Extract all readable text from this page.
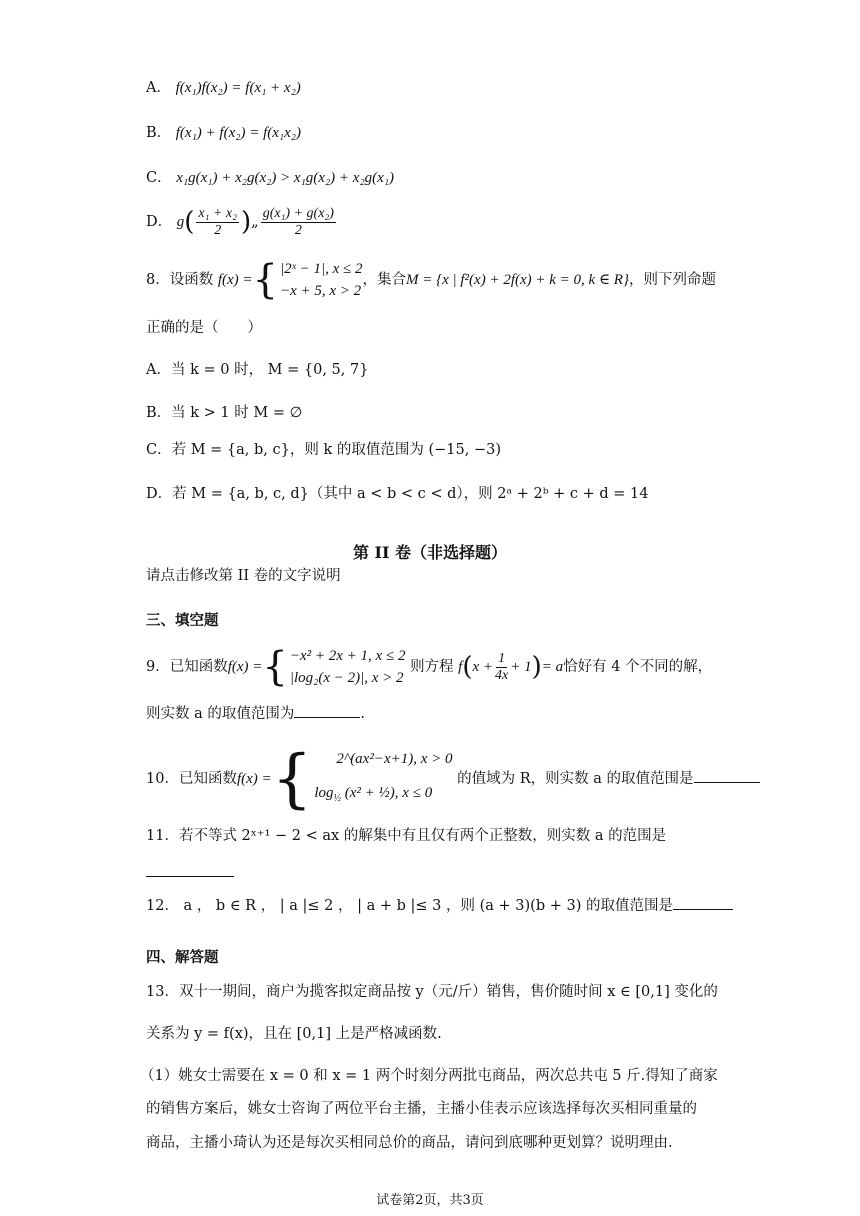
A． f(x₁)f(x₂) = f(x₁ + x₂)
B． f(x₁) + f(x₂) = f(x₁x₂)
C． x₁g(x₁) + x₂g(x₂) > x₁g(x₂) + x₂g(x₁)
D． $g( \frac{\text{x₁ + x₂}}{2}$ )„ $\frac{\text{g(x₁) + g(x₂)}}{2}$
8．设函数 f(x) ={ |2ˣ − 1|, x ≤ 2
−x + 5, x > 2
，集合M = {x | f²(x) + 2f(x) + k = 0, k ∈ R}，则下列命题
正确的是（　　）
A．当 k = 0 时， M = {0, 5, 7}
B．当 k > 1 时 M = ∅
C．若 M = {a, b, c}，则 k 的取值范围为 (−15, −3)
D．若 M = {a, b, c, d}（其中 a < b < c < d），则 2ᵃ + 2ᵇ + c + d = 14
第 II 卷（非选择题）
请点击修改第 II 卷的文字说明
三、填空题
9．已知函数f(x) ={ −x² + 2x + 1, x ≤ 2
|log₂(x − 2)|, x > 2
则方程 $f(x + \frac{1}{4x} + 1)= a$恰好有 4 个不同的解，
则实数 a 的取值范围为	.
10．已知函数f(x) ={	2^(ax²−x+1), x > 0
$\log_{\frac{1}{2}} (x^2$ + ½), x ≤ 0
的值域为 R，则实数 a 的取值范围是
11．若不等式 2ˣ⁺¹ − 2 < ax 的解集中有且仅有两个正整数，则实数 a 的范围是
12． a ， b ∈ R ， | a |≤ 2 ， | a + b |≤ 3 ，则 (a + 3)(b + 3) 的取值范围是
四、解答题
13．双十一期间，商户为揽客拟定商品按 y（元/斤）销售，售价随时间 x ∈ [0,1] 变化的
关系为 y = f(x)，且在 [0,1] 上是严格减函数.
（1）姚女士需要在 x = 0 和 x = 1 两个时刻分两批屯商品，两次总共屯 5 斤.得知了商家
的销售方案后，姚女士咨询了两位平台主播，主播小佳表示应该选择每次买相同重量的
商品，主播小琦认为还是每次买相同总价的商品，请问到底哪种更划算？说明理由.
试卷第2页，共3页
